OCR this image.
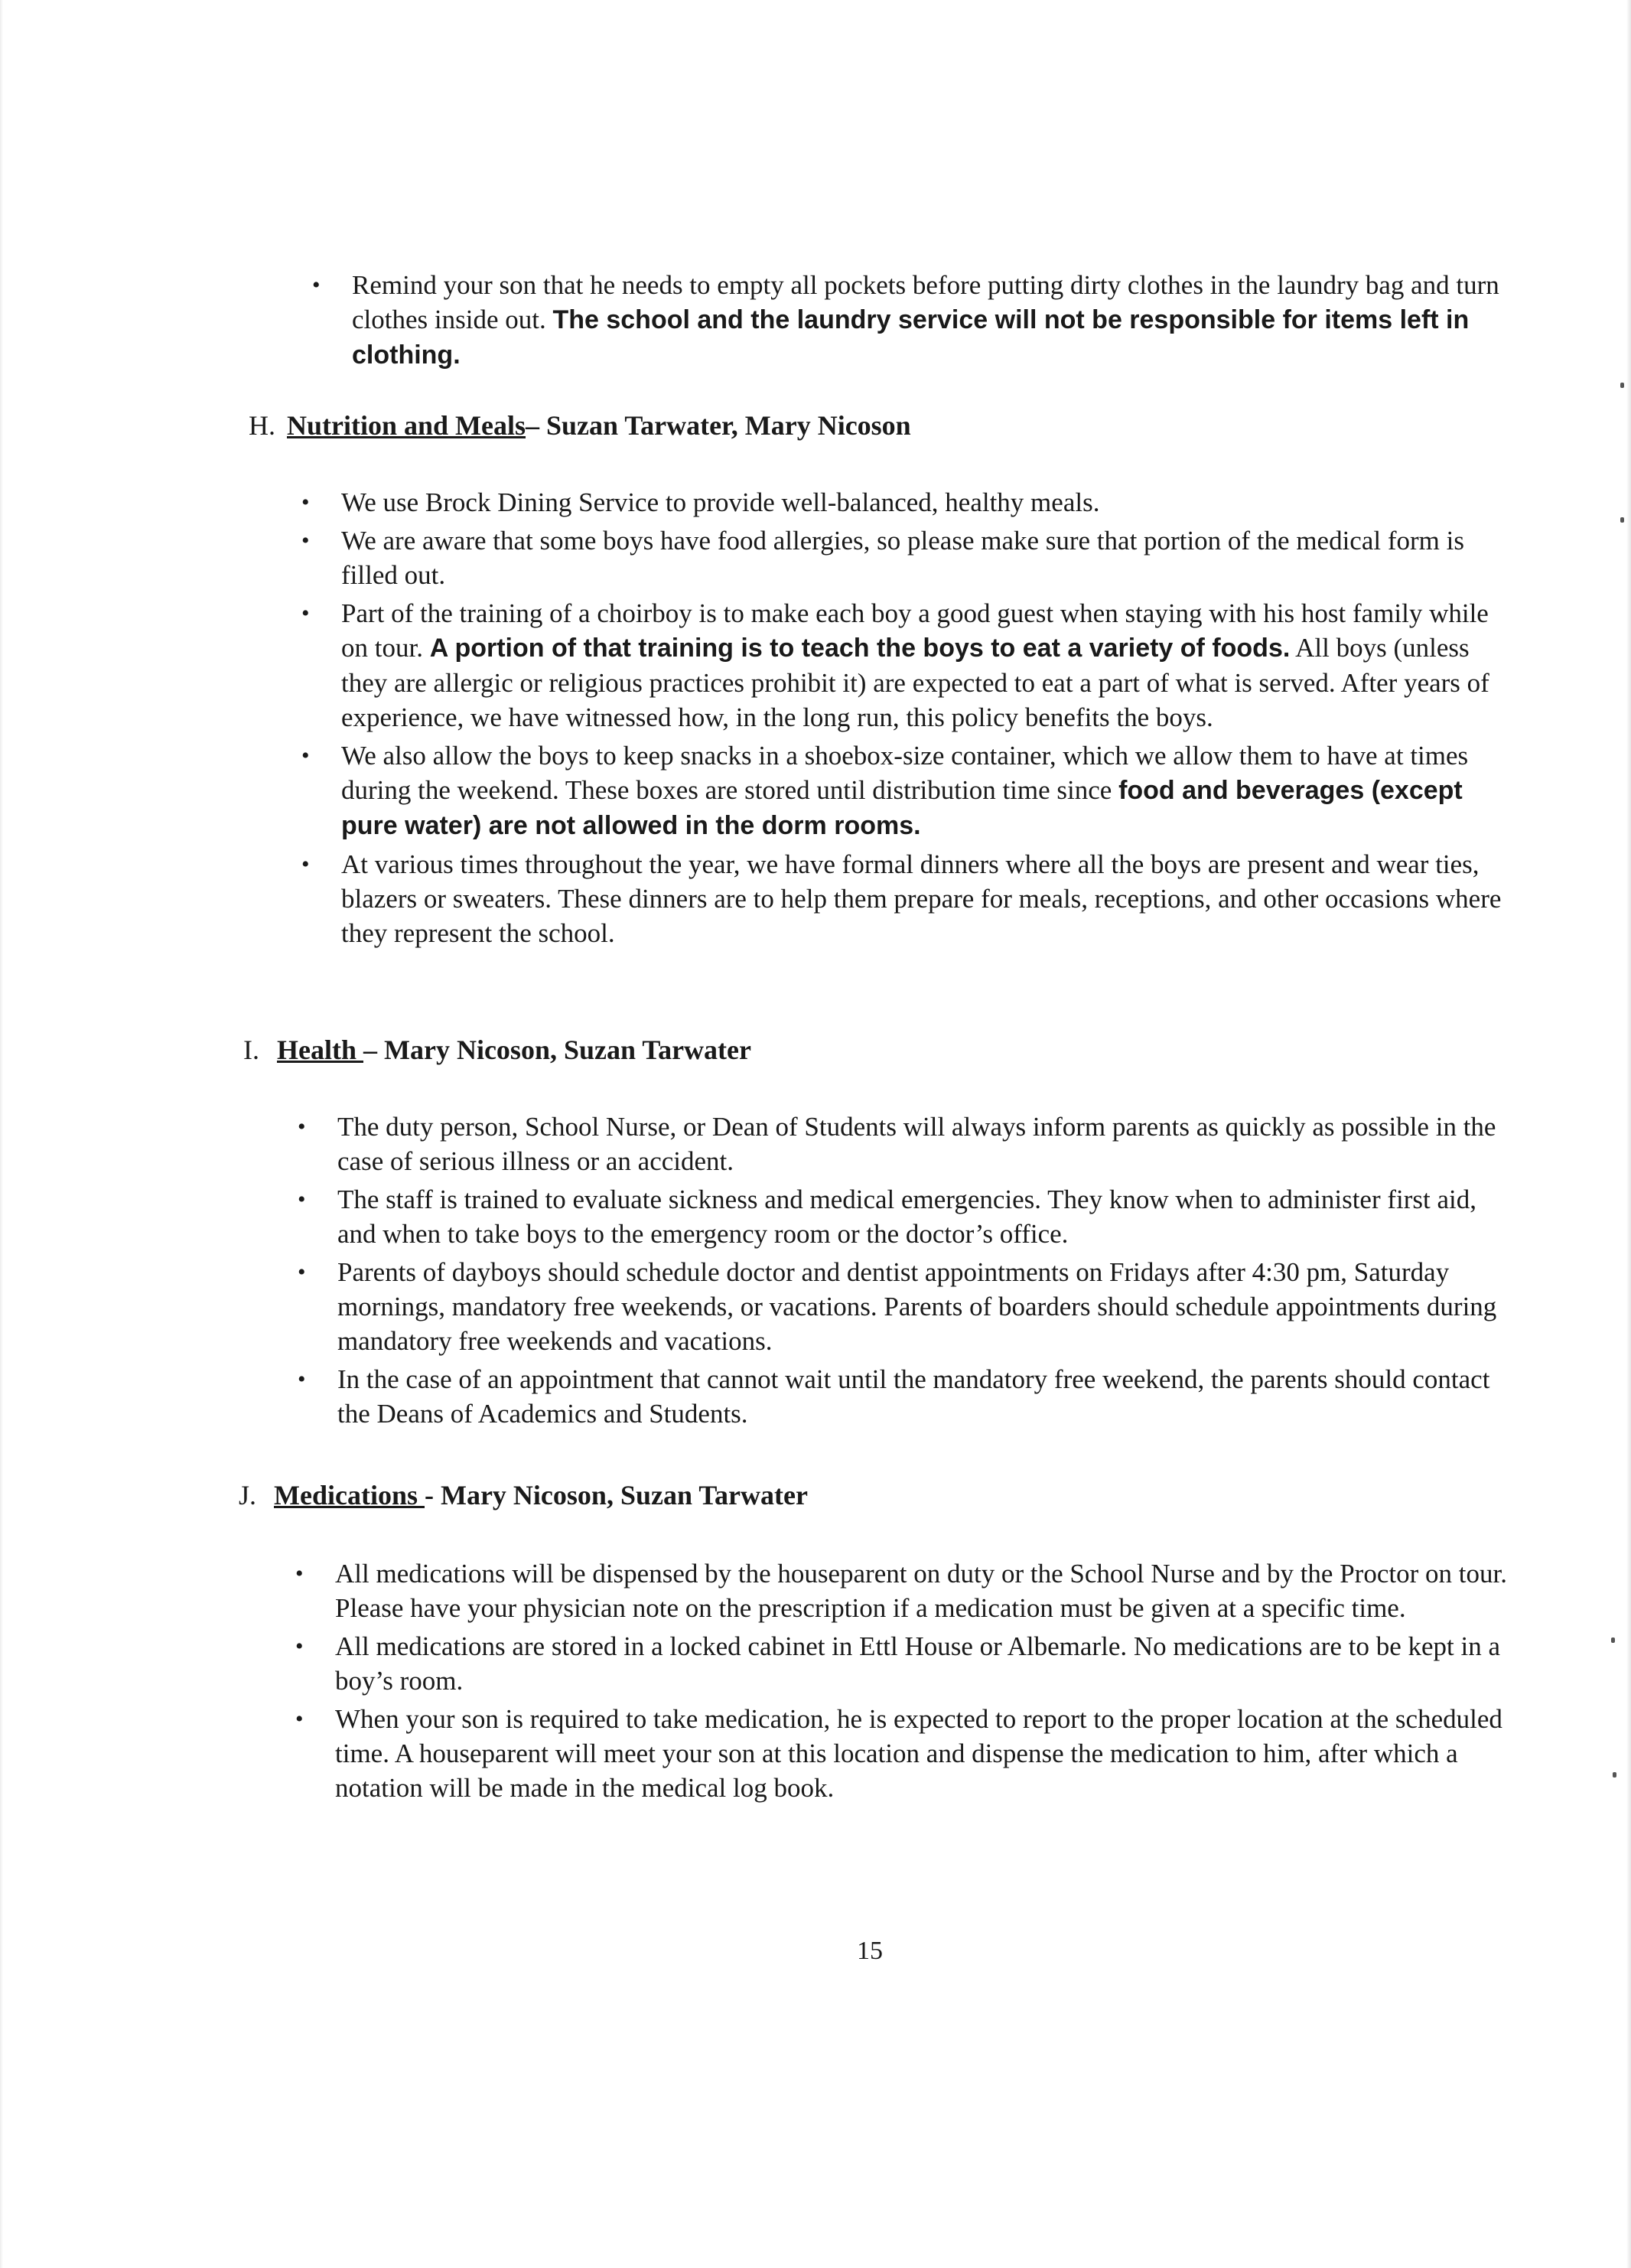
• Remind your son that he needs to empty all pockets before putting dirty clothes in the laundry bag and turn clothes inside out. The school and the laundry service will not be responsible for items left in clothing.
H. Nutrition and Meals– Suzan Tarwater, Mary Nicoson
• We use Brock Dining Service to provide well-balanced, healthy meals.
• We are aware that some boys have food allergies, so please make sure that portion of the medical form is filled out.
• Part of the training of a choirboy is to make each boy a good guest when staying with his host family while on tour. A portion of that training is to teach the boys to eat a variety of foods. All boys (unless they are allergic or religious practices prohibit it) are expected to eat a part of what is served. After years of experience, we have witnessed how, in the long run, this policy benefits the boys.
• We also allow the boys to keep snacks in a shoebox-size container, which we allow them to have at times during the weekend. These boxes are stored until distribution time since food and beverages (except pure water) are not allowed in the dorm rooms.
• At various times throughout the year, we have formal dinners where all the boys are present and wear ties, blazers or sweaters. These dinners are to help them prepare for meals, receptions, and other occasions where they represent the school.
I. Health – Mary Nicoson, Suzan Tarwater
• The duty person, School Nurse, or Dean of Students will always inform parents as quickly as possible in the case of serious illness or an accident.
• The staff is trained to evaluate sickness and medical emergencies. They know when to administer first aid, and when to take boys to the emergency room or the doctor’s office.
• Parents of dayboys should schedule doctor and dentist appointments on Fridays after 4:30 pm, Saturday mornings, mandatory free weekends, or vacations. Parents of boarders should schedule appointments during mandatory free weekends and vacations.
• In the case of an appointment that cannot wait until the mandatory free weekend, the parents should contact the Deans of Academics and Students.
J. Medications - Mary Nicoson, Suzan Tarwater
• All medications will be dispensed by the houseparent on duty or the School Nurse and by the Proctor on tour. Please have your physician note on the prescription if a medication must be given at a specific time.
• All medications are stored in a locked cabinet in Ettl House or Albemarle. No medications are to be kept in a boy’s room.
• When your son is required to take medication, he is expected to report to the proper location at the scheduled time. A houseparent will meet your son at this location and dispense the medication to him, after which a notation will be made in the medical log book.
15
